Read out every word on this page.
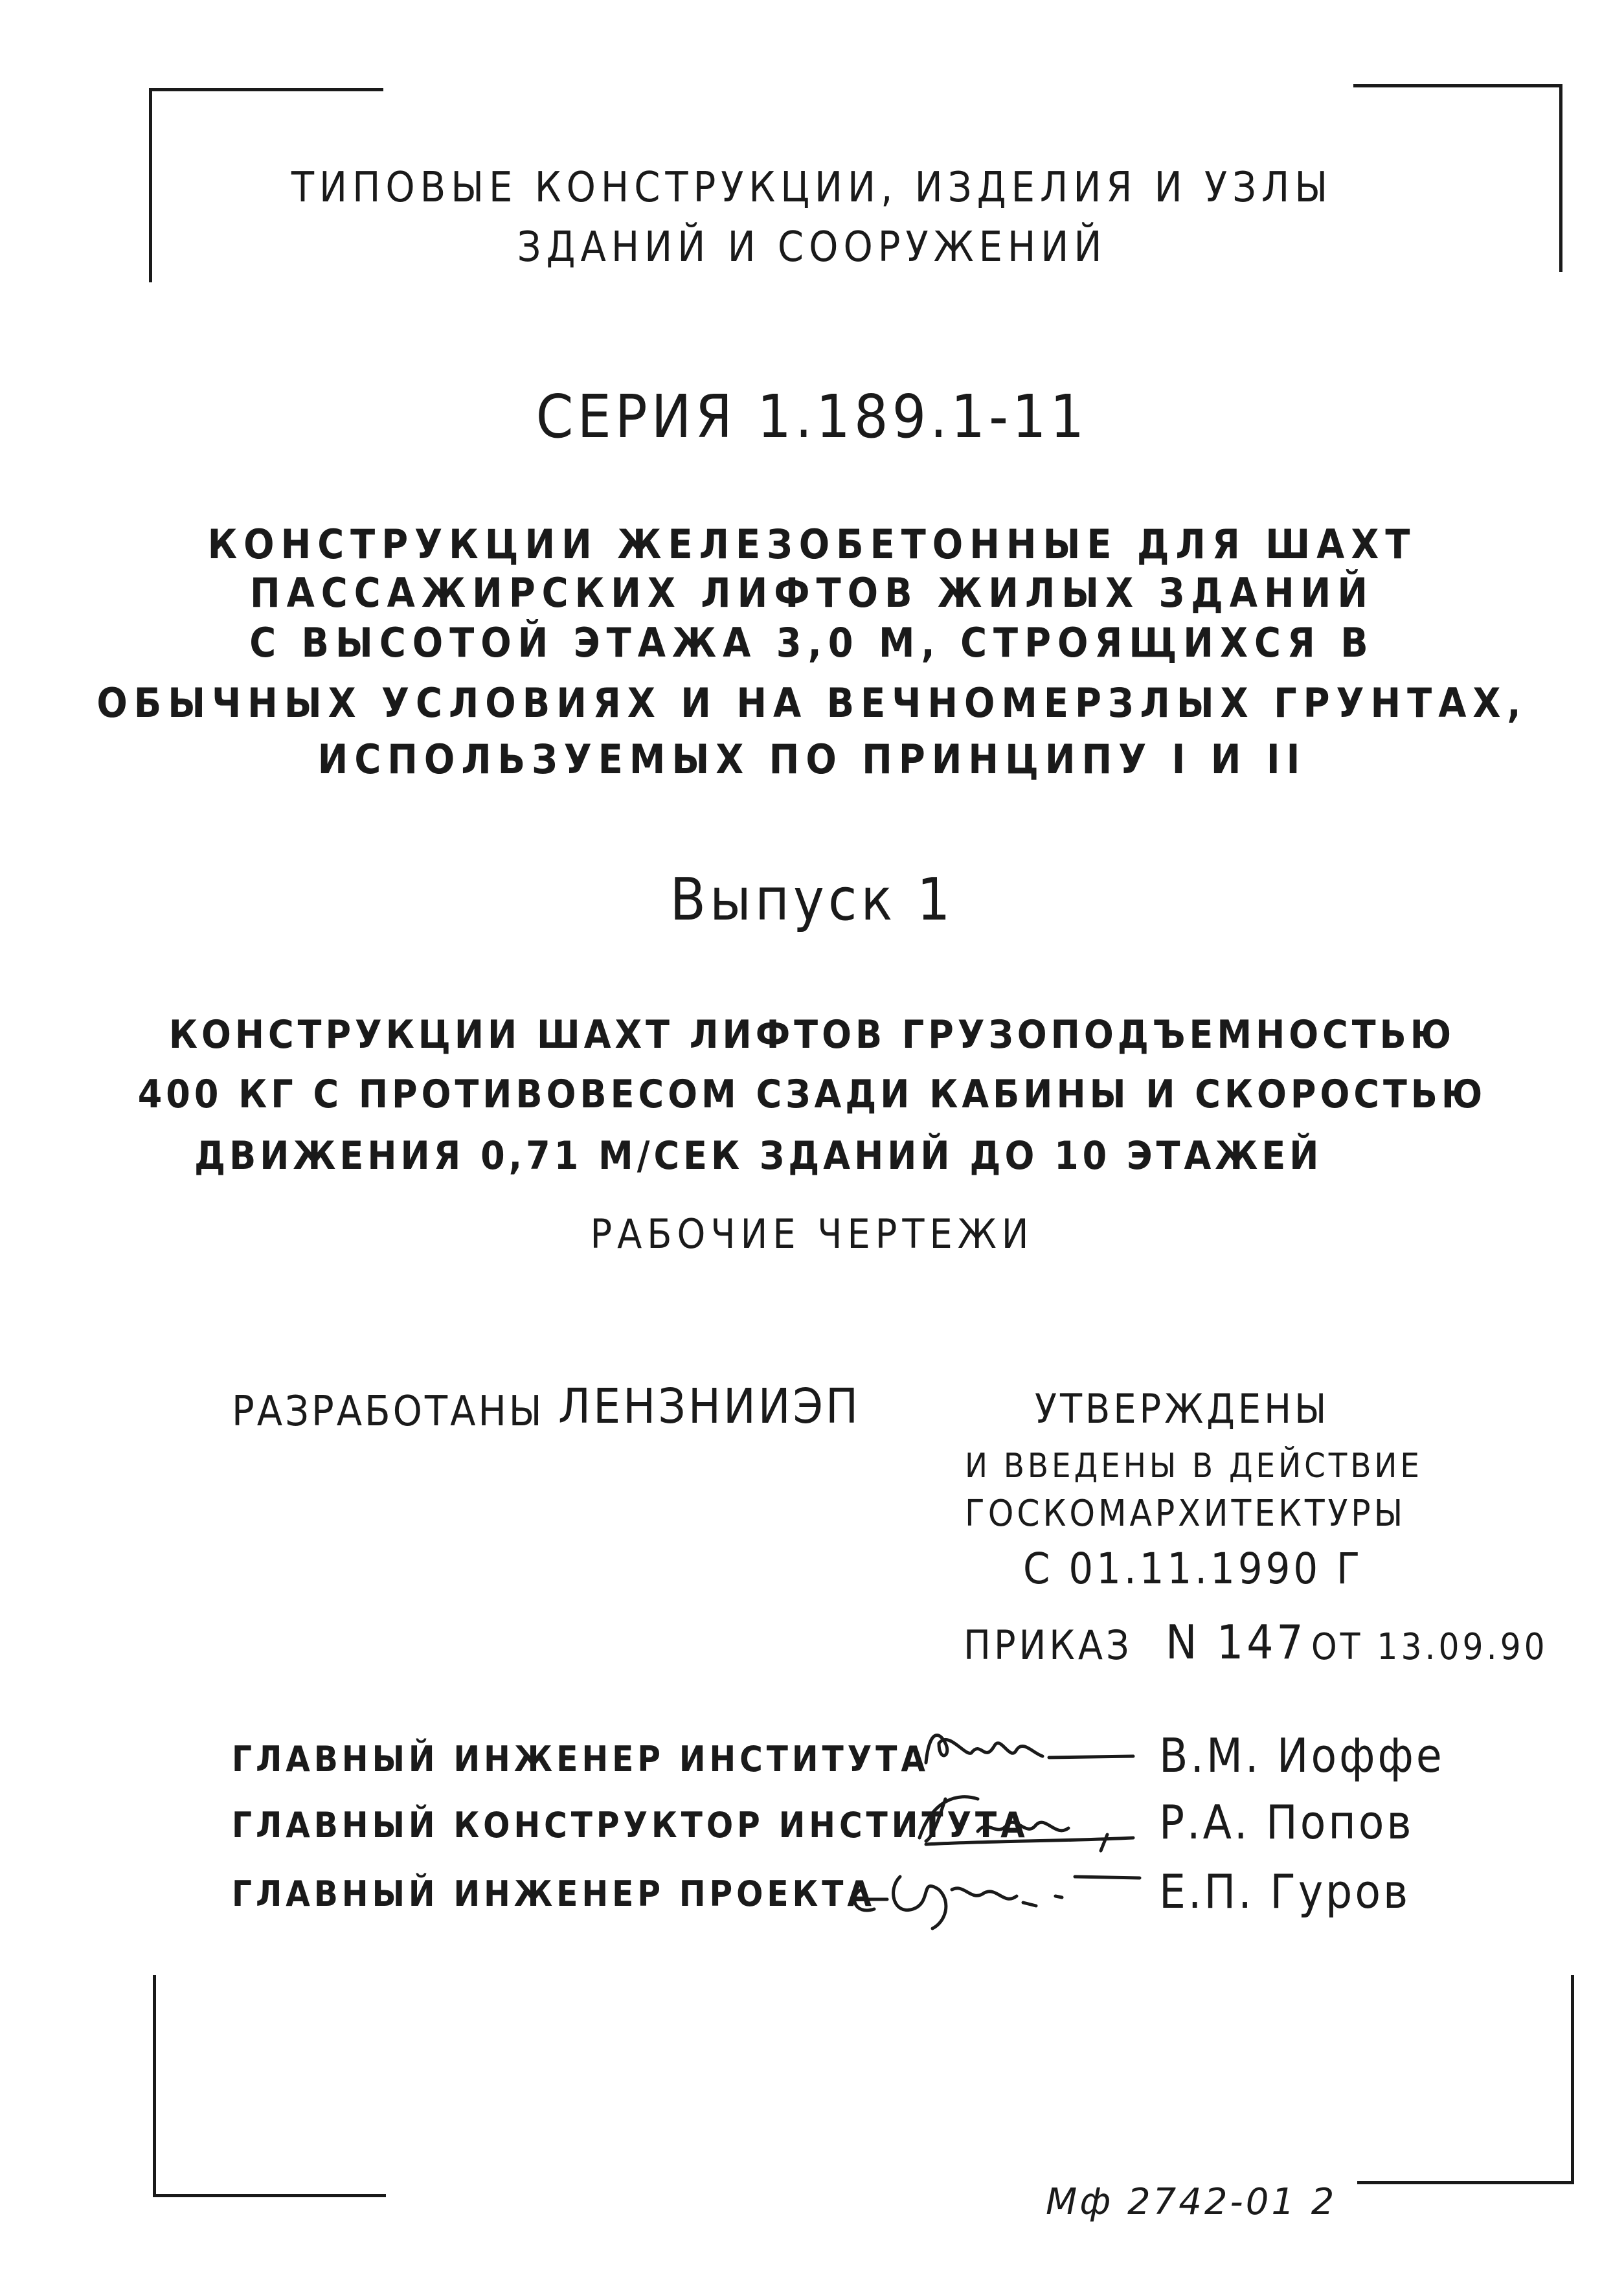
ТИПОВЫЕ КОНСТРУКЦИИ, ИЗДЕЛИЯ И УЗЛЫ
ЗДАНИЙ И СООРУЖЕНИЙ
СЕРИЯ 1.189.1-11
КОНСТРУКЦИИ ЖЕЛЕЗОБЕТОННЫЕ ДЛЯ ШАХТ
ПАССАЖИРСКИХ ЛИФТОВ ЖИЛЫХ ЗДАНИЙ
С ВЫСОТОЙ ЭТАЖА 3,0 М, СТРОЯЩИХСЯ В
ОБЫЧНЫХ УСЛОВИЯХ И НА ВЕЧНОМЕРЗЛЫХ ГРУНТАХ,
ИСПОЛЬЗУЕМЫХ ПО ПРИНЦИПУ I И II
Выпуск 1
КОНСТРУКЦИИ ШАХТ ЛИФТОВ ГРУЗОПОДЪЕМНОСТЬЮ
400 КГ С ПРОТИВОВЕСОМ СЗАДИ КАБИНЫ И СКОРОСТЬЮ
ДВИЖЕНИЯ 0,71 М/СЕК ЗДАНИЙ ДО 10 ЭТАЖЕЙ
РАБОЧИЕ ЧЕРТЕЖИ
РАЗРАБОТАНЫ ЛЕНЗНИИЭП	УТВЕРЖДЕНЫ
И ВВЕДЕНЫ В ДЕЙСТВИЕ
ГОСКОМАРХИТЕКТУРЫ
С 01.11.1990 Г
ПРИКАЗ N 147 ОТ 13.09.90
ГЛАВНЫЙ ИНЖЕНЕР ИНСТИТУТА	В.М. Иоффе
ГЛАВНЫЙ КОНСТРУКТОР ИНСТИТУТА	Р.А. Попов
ГЛАВНЫЙ ИНЖЕНЕР ПРОЕКТА	Е.П. Гуров
Мф 2742-01 2
